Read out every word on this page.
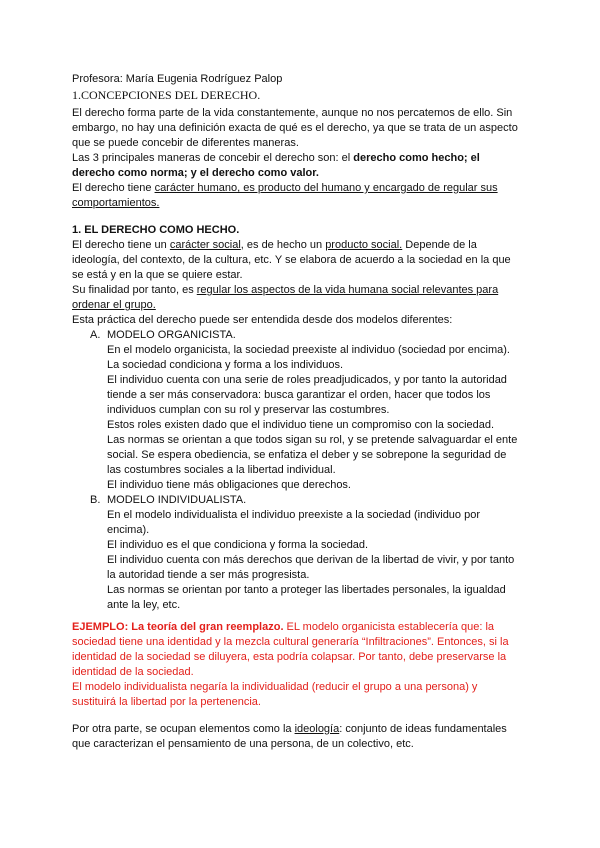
Profesora: María Eugenia Rodríguez Palop
1.CONCEPCIONES DEL DERECHO.
El derecho forma parte de la vida constantemente, aunque no nos percatemos de ello. Sin
embargo, no hay una definición exacta de qué es el derecho, ya que se trata de un aspecto
que se puede concebir de diferentes maneras.
Las 3 principales maneras de concebir el derecho son: el derecho como hecho; el
derecho como norma; y el derecho como valor.
El derecho tiene carácter humano, es producto del humano y encargado de regular sus
comportamientos.
1. EL DERECHO COMO HECHO.
El derecho tiene un carácter social, es de hecho un producto social. Depende de la
ideología, del contexto, de la cultura, etc. Y se elabora de acuerdo a la sociedad en la que
se está y en la que se quiere estar.
Su finalidad por tanto, es regular los aspectos de la vida humana social relevantes para
ordenar el grupo.
Esta práctica del derecho puede ser entendida desde dos modelos diferentes:
A. MODELO ORGANICISTA.
En el modelo organicista, la sociedad preexiste al individuo (sociedad por encima).
La sociedad condiciona y forma a los individuos.
El individuo cuenta con una serie de roles preadjudicados, y por tanto la autoridad
tiende a ser más conservadora: busca garantizar el orden, hacer que todos los
individuos cumplan con su rol y preservar las costumbres.
Estos roles existen dado que el individuo tiene un compromiso con la sociedad.
Las normas se orientan a que todos sigan su rol, y se pretende salvaguardar el ente
social. Se espera obediencia, se enfatiza el deber y se sobrepone la seguridad de
las costumbres sociales a la libertad individual.
El individuo tiene más obligaciones que derechos.
B. MODELO INDIVIDUALISTA.
En el modelo individualista el individuo preexiste a la sociedad (individuo por
encima).
El individuo es el que condiciona y forma la sociedad.
El individuo cuenta con más derechos que derivan de la libertad de vivir, y por tanto
la autoridad tiende a ser más progresista.
Las normas se orientan por tanto a proteger las libertades personales, la igualdad
ante la ley, etc.
EJEMPLO: La teoría del gran reemplazo. EL modelo organicista establecería que: la
sociedad tiene una identidad y la mezcla cultural generaría “Infiltraciones”. Entonces, si la
identidad de la sociedad se diluyera, esta podría colapsar. Por tanto, debe preservarse la
identidad de la sociedad.
El modelo individualista negaría la individualidad (reducir el grupo a una persona) y
sustituirá la libertad por la pertenencia.
Por otra parte, se ocupan elementos como la ideología: conjunto de ideas fundamentales
que caracterizan el pensamiento de una persona, de un colectivo, etc.
